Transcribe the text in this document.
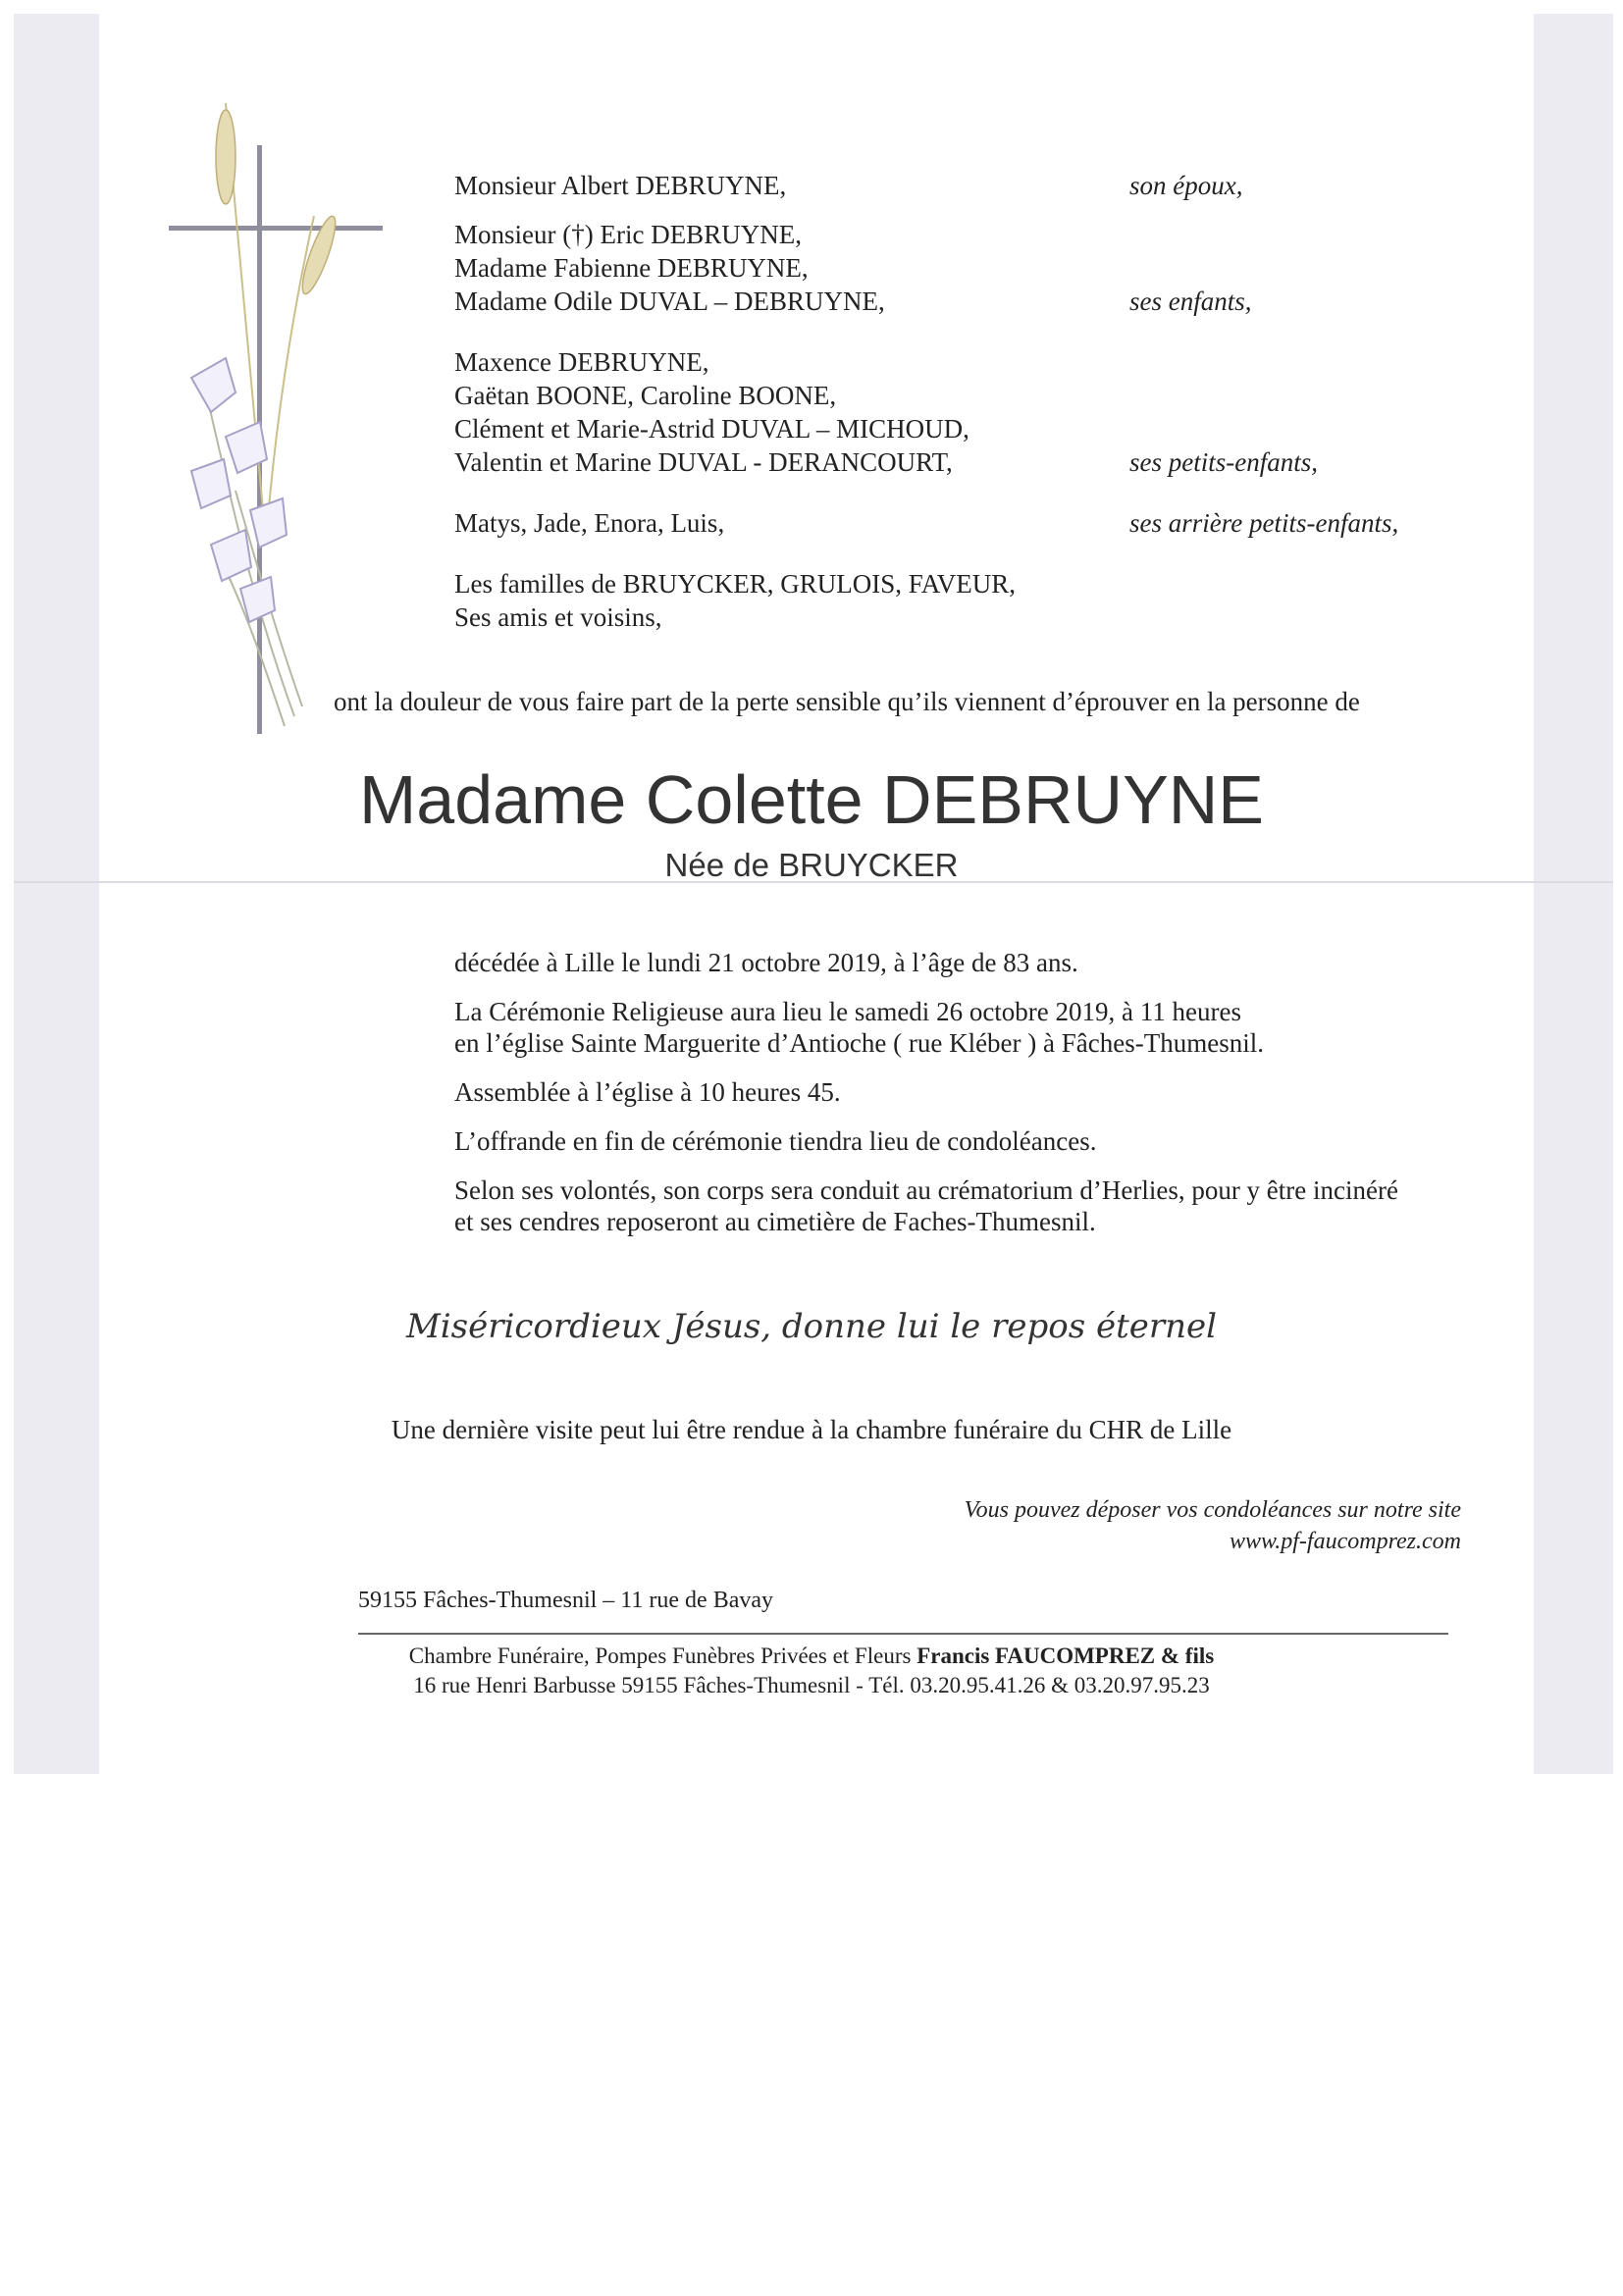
Monsieur Albert DEBRUYNE,
Monsieur (†) Eric DEBRUYNE,
Madame Fabienne DEBRUYNE,
Madame Odile DUVAL – DEBRUYNE,
Maxence DEBRUYNE,
Gaëtan BOONE, Caroline BOONE,
Clément et Marie-Astrid DUVAL – MICHOUD,
Valentin et Marine DUVAL - DERANCOURT,
Matys, Jade, Enora, Luis,
Les familles de BRUYCKER, GRULOIS, FAVEUR,
Ses amis et voisins,
son époux,
ses enfants,
ses petits-enfants,
ses arrière petits-enfants,
ont la douleur de vous faire part de la perte sensible qu’ils viennent d’éprouver en la personne de
Madame Colette DEBRUYNE
Née de BRUYCKER
décédée à Lille le lundi 21 octobre 2019, à l’âge de 83 ans.
La Cérémonie Religieuse aura lieu le samedi 26 octobre 2019, à 11 heures
en l’église Sainte Marguerite d’Antioche ( rue Kléber ) à Fâches-Thumesnil.
Assemblée à l’église à 10 heures 45.
L’offrande en fin de cérémonie tiendra lieu de condoléances.
Selon ses volontés, son corps sera conduit au crématorium d’Herlies, pour y être incinéré
et ses cendres reposeront au cimetière de Faches-Thumesnil.
Miséricordieux Jésus, donne lui le repos éternel
Une dernière visite peut lui être rendue à la chambre funéraire du CHR de Lille
Vous pouvez déposer vos condoléances sur notre site
www.pf-faucomprez.com
59155 Fâches-Thumesnil – 11 rue de Bavay
Chambre Funéraire, Pompes Funèbres Privées et Fleurs Francis FAUCOMPREZ & fils
16 rue Henri Barbusse 59155 Fâches-Thumesnil - Tél. 03.20.95.41.26 & 03.20.97.95.23
